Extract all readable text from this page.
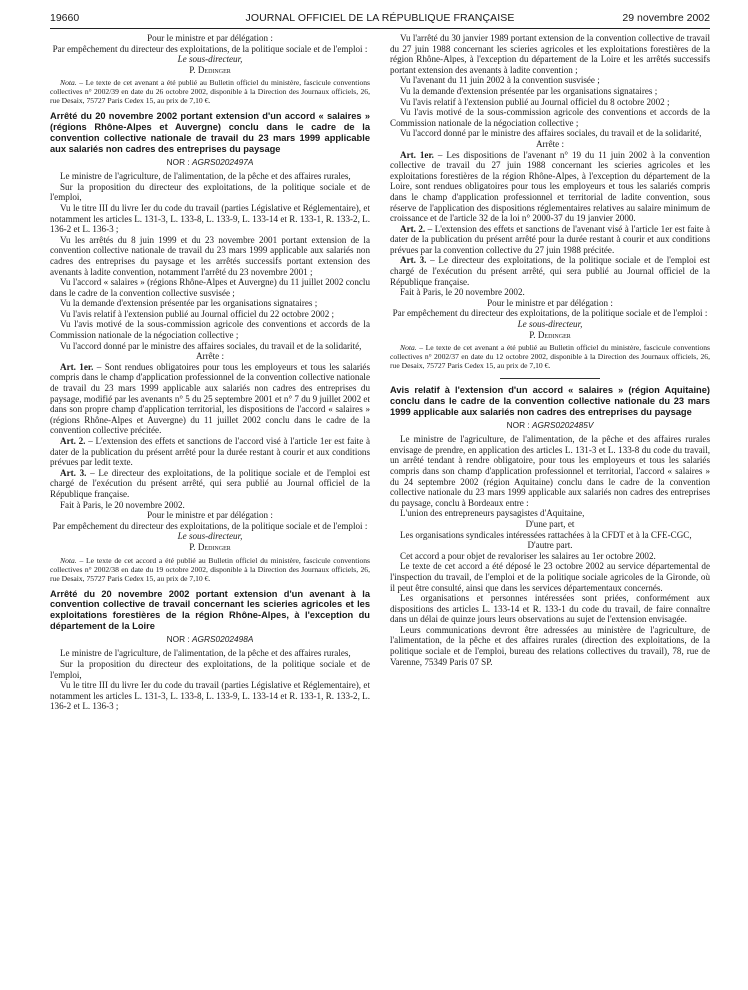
19660	JOURNAL OFFICIEL DE LA RÉPUBLIQUE FRANÇAISE	29 novembre 2002

Pour le ministre et par délégation :

Par empêchement du directeur des exploitations, de la politique sociale et de l'emploi :

Le sous-directeur,

P. Dedinger

Nota. – Le texte de cet avenant a été publié au Bulletin officiel du ministère, fascicule conventions collectives n° 2002/39 en date du 26 octobre 2002, disponible à la Direction des Journaux officiels, 26, rue Desaix, 75727 Paris Cedex 15, au prix de 7,10 €.

Arrêté du 20 novembre 2002 portant extension d'un accord « salaires » (régions Rhône-Alpes et Auvergne) conclu dans le cadre de la convention collective nationale de travail du 23 mars 1999 applicable aux salariés non cadres des entreprises du paysage

NOR : AGRS0202497A

Le ministre de l'agriculture, de l'alimentation, de la pêche et des affaires rurales,

Sur la proposition du directeur des exploitations, de la politique sociale et de l'emploi,

Vu le titre III du livre Ier du code du travail (parties Législative et Réglementaire), et notamment les articles L. 131-3, L. 133-8, L. 133-9, L. 133-14 et R. 133-1, R. 133-2, L. 136-2 et L. 136-3 ;

Vu les arrêtés du 8 juin 1999 et du 23 novembre 2001 portant extension de la convention collective nationale de travail du 23 mars 1999 applicable aux salariés non cadres des entreprises du paysage et les arrêtés successifs portant extension des avenants à ladite convention, notamment l'arrêté du 23 novembre 2001 ;

Vu l'accord « salaires » (régions Rhône-Alpes et Auvergne) du 11 juillet 2002 conclu dans le cadre de la convention collective susvisée ;

Vu la demande d'extension présentée par les organisations signataires ;

Vu l'avis relatif à l'extension publié au Journal officiel du 22 octobre 2002 ;

Vu l'avis motivé de la sous-commission agricole des conventions et accords de la Commission nationale de la négociation collective ;

Vu l'accord donné par le ministre des affaires sociales, du travail et de la solidarité,

Arrête :

Art. 1er. – Sont rendues obligatoires pour tous les employeurs et tous les salariés compris dans le champ d'application professionnel de la convention collective nationale de travail du 23 mars 1999 applicable aux salariés non cadres des entreprises du paysage, modifié par les avenants n° 5 du 25 septembre 2001 et n° 7 du 9 juillet 2002 et dans son propre champ d'application territorial, les dispositions de l'accord « salaires » (régions Rhône-Alpes et Auvergne) du 11 juillet 2002 conclu dans le cadre de la convention collective précitée.

Art. 2. – L'extension des effets et sanctions de l'accord visé à l'article 1er est faite à dater de la publication du présent arrêté pour la durée restant à courir et aux conditions prévues par ledit texte.

Art. 3. – Le directeur des exploitations, de la politique sociale et de l'emploi est chargé de l'exécution du présent arrêté, qui sera publié au Journal officiel de la République française.

Fait à Paris, le 20 novembre 2002.

Pour le ministre et par délégation :

Par empêchement du directeur des exploitations, de la politique sociale et de l'emploi :

Le sous-directeur,

P. Dedinger

Nota. – Le texte de cet accord a été publié au Bulletin officiel du ministère, fascicule conventions collectives n° 2002/38 en date du 19 octobre 2002, disponible à la Direction des Journaux officiels, 26, rue Desaix, 75727 Paris Cedex 15, au prix de 7,10 €.

Arrêté du 20 novembre 2002 portant extension d'un avenant à la convention collective de travail concernant les scieries agricoles et les exploitations forestières de la région Rhône-Alpes, à l'exception du département de la Loire

NOR : AGRS0202498A

Le ministre de l'agriculture, de l'alimentation, de la pêche et des affaires rurales,

Sur la proposition du directeur des exploitations, de la politique sociale et de l'emploi,

Vu le titre III du livre Ier du code du travail (parties Législative et Réglementaire), et notamment les articles L. 131-3, L. 133-8, L. 133-9, L. 133-14 et R. 133-1, R. 133-2, L. 136-2 et L. 136-3 ;

Vu l'arrêté du 30 janvier 1989 portant extension de la convention collective de travail du 27 juin 1988 concernant les scieries agricoles et les exploitations forestières de la région Rhône-Alpes, à l'exception du département de la Loire et les arrêtés successifs portant extension des avenants à ladite convention ;

Vu l'avenant du 11 juin 2002 à la convention susvisée ;

Vu la demande d'extension présentée par les organisations signataires ;

Vu l'avis relatif à l'extension publié au Journal officiel du 8 octobre 2002 ;

Vu l'avis motivé de la sous-commission agricole des conventions et accords de la Commission nationale de la négociation collective ;

Vu l'accord donné par le ministre des affaires sociales, du travail et de la solidarité,

Arrête :

Art. 1er. – Les dispositions de l'avenant n° 19 du 11 juin 2002 à la convention collective de travail du 27 juin 1988 concernant les scieries agricoles et les exploitations forestières de la région Rhône-Alpes, à l'exception du département de la Loire, sont rendues obligatoires pour tous les employeurs et tous les salariés compris dans le champ d'application professionnel et territorial de ladite convention, sous réserve de l'application des dispositions réglementaires relatives au salaire minimum de croissance et de l'article 32 de la loi n° 2000-37 du 19 janvier 2000.

Art. 2. – L'extension des effets et sanctions de l'avenant visé à l'article 1er est faite à dater de la publication du présent arrêté pour la durée restant à courir et aux conditions prévues par la convention collective du 27 juin 1988 précitée.

Art. 3. – Le directeur des exploitations, de la politique sociale et de l'emploi est chargé de l'exécution du présent arrêté, qui sera publié au Journal officiel de la République française.

Fait à Paris, le 20 novembre 2002.

Pour le ministre et par délégation :

Par empêchement du directeur des exploitations, de la politique sociale et de l'emploi :

Le sous-directeur,

P. Dedinger

Nota. – Le texte de cet avenant a été publié au Bulletin officiel du ministère, fascicule conventions collectives n° 2002/37 en date du 12 octobre 2002, disponible à la Direction des Journaux officiels, 26, rue Desaix, 75727 Paris Cedex 15, au prix de 7,10 €.

Avis relatif à l'extension d'un accord « salaires » (région Aquitaine) conclu dans le cadre de la convention collective nationale du 23 mars 1999 applicable aux salariés non cadres des entreprises du paysage

NOR : AGRS0202485V

Le ministre de l'agriculture, de l'alimentation, de la pêche et des affaires rurales envisage de prendre, en application des articles L. 131-3 et L. 133-8 du code du travail, un arrêté tendant à rendre obligatoire, pour tous les employeurs et tous les salariés compris dans son champ d'application professionnel et territorial, l'accord « salaires » du 24 septembre 2002 (région Aquitaine) conclu dans le cadre de la convention collective nationale du 23 mars 1999 applicable aux salariés non cadres des entreprises du paysage, conclu à Bordeaux entre :

L'union des entrepreneurs paysagistes d'Aquitaine,

D'une part, et

Les organisations syndicales intéressées rattachées à la CFDT et à la CFE-CGC,

D'autre part.

Cet accord a pour objet de revaloriser les salaires au 1er octobre 2002.

Le texte de cet accord a été déposé le 23 octobre 2002 au service départemental de l'inspection du travail, de l'emploi et de la politique sociale agricoles de la Gironde, où il peut être consulté, ainsi que dans les services départementaux concernés.

Les organisations et personnes intéressées sont priées, conformément aux dispositions des articles L. 133-14 et R. 133-1 du code du travail, de faire connaître dans un délai de quinze jours leurs observations au sujet de l'extension envisagée.

Leurs communications devront être adressées au ministère de l'agriculture, de l'alimentation, de la pêche et des affaires rurales (direction des exploitations, de la politique sociale et de l'emploi, bureau des relations collectives du travail), 78, rue de Varenne, 75349 Paris 07 SP.
